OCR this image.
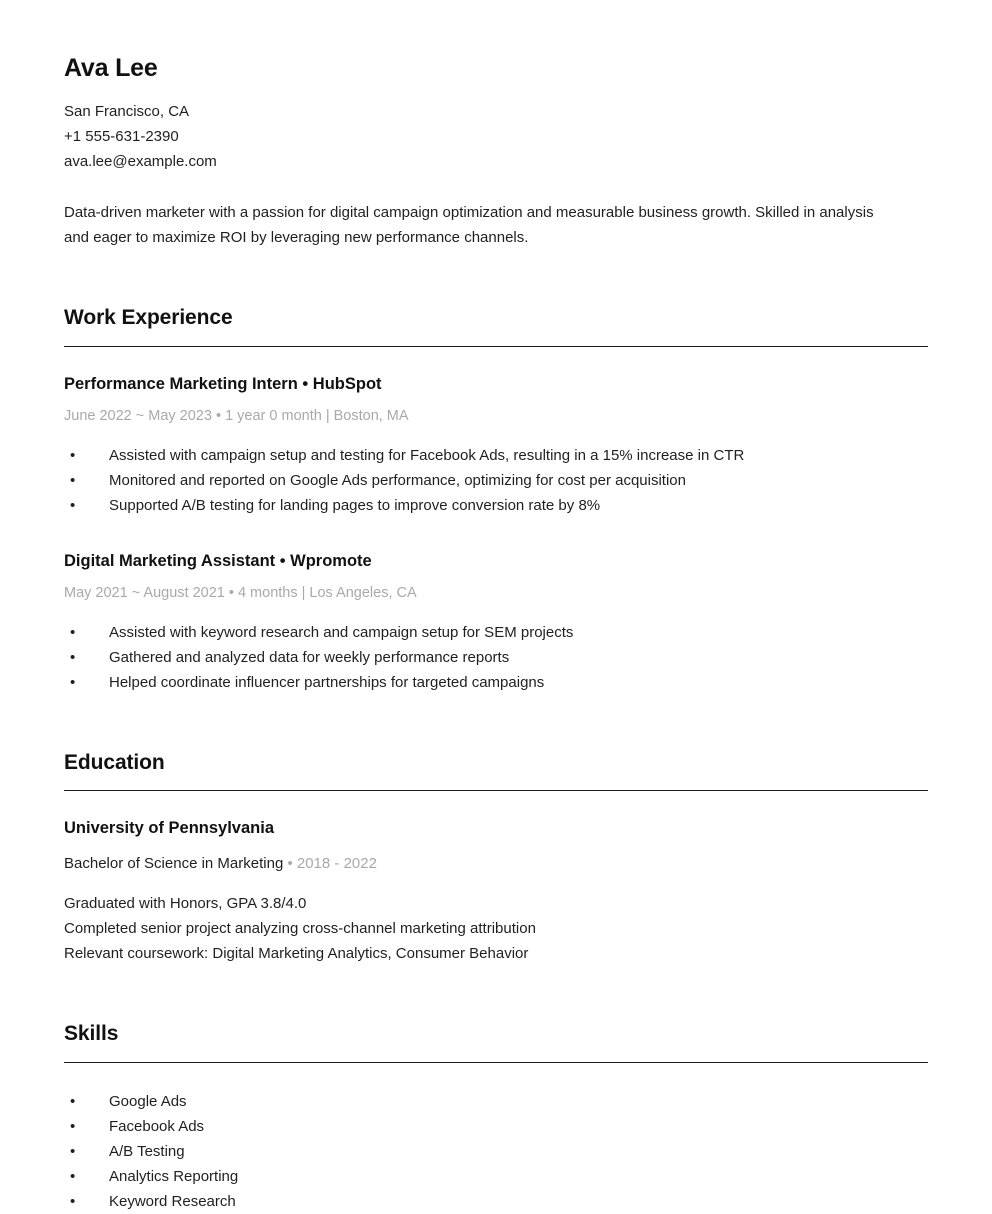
Ava Lee
San Francisco, CA
+1 555-631-2390
ava.lee@example.com

Data-driven marketer with a passion for digital campaign optimization and measurable business growth. Skilled in analysis and eager to maximize ROI by leveraging new performance channels.

Work Experience
Performance Marketing Intern • HubSpot
June 2022 ~ May 2023 • 1 year 0 month | Boston, MA
• Assisted with campaign setup and testing for Facebook Ads, resulting in a 15% increase in CTR
• Monitored and reported on Google Ads performance, optimizing for cost per acquisition
• Supported A/B testing for landing pages to improve conversion rate by 8%
Digital Marketing Assistant • Wpromote
May 2021 ~ August 2021 • 4 months | Los Angeles, CA
• Assisted with keyword research and campaign setup for SEM projects
• Gathered and analyzed data for weekly performance reports
• Helped coordinate influencer partnerships for targeted campaigns
Education
University of Pennsylvania
Bachelor of Science in Marketing • 2018 - 2022
Graduated with Honors, GPA 3.8/4.0
Completed senior project analyzing cross-channel marketing attribution
Relevant coursework: Digital Marketing Analytics, Consumer Behavior
Skills
• Google Ads
• Facebook Ads
• A/B Testing
• Analytics Reporting
• Keyword Research
